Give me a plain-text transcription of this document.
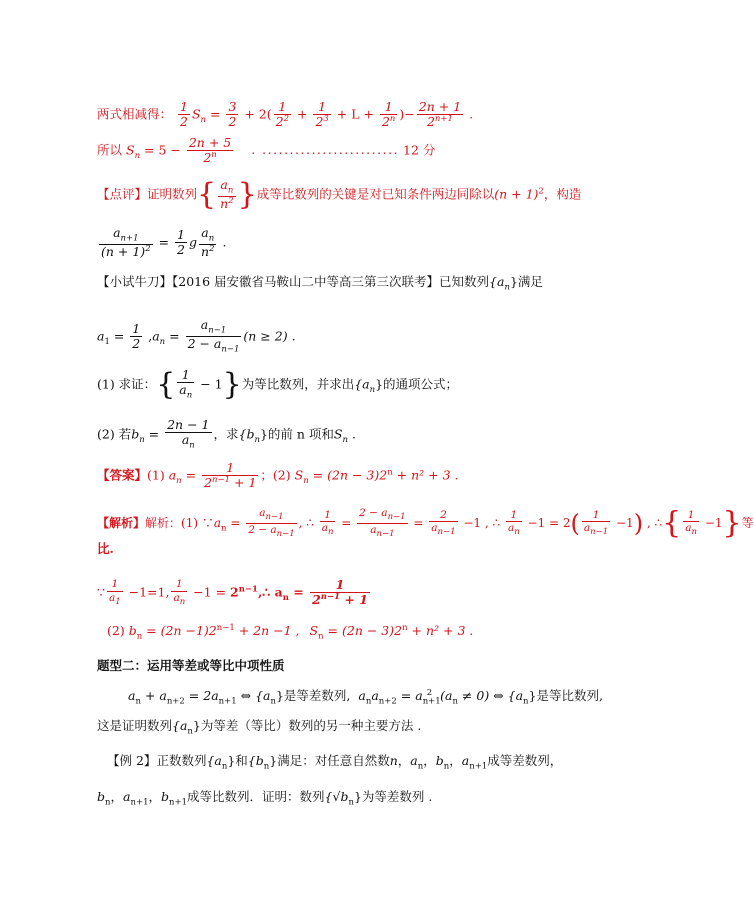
两式相减得： $\frac{1}{2} S_n = \frac{3}{2} + 2( \frac{1}{2^2} + \frac{1}{2^3} + L + \frac{1}{2^n}$ )− $\frac{2n + 1}{2^{n+1}}$ .
所以 $S_n = 5 - \frac{2n + 5}{2^n}$ . ......................... 12 分
【点评】证明数列{ $\frac{a_n}{n^2}$ }成等比数列的关键是对已知条件两边同除以$(n + 1)^2$，构造
$\frac{a_{n+1}}{(n + 1)^2} = \frac{1}{2}$ g $\frac{a_n}{n^2}$ .
【小试牛刀】【2016 届安徽省马鞍山二中等高三第三次联考】已知数列$\{a_n\}$满足
$a_1 = \frac{1}{2} ,a_n = \frac{a_{n-1}}{2 - a_{n-1}} (n \ge 2)$ .
(1) 求证：{ $\frac{1}{a_n} - 1$}为等比数列，并求出$\{a_n\}$的通项公式；
(2) 若$b_n = \frac{2n - 1}{a_n}$ ，求$\{b_n\}$的前 n 项和$S_n$ .
【答案】(1) $a_n = \frac{1}{2^{n-1} + 1}$ ；(2) $S_n = (2n - 3)2^n + n^2 + 3$ .
【解析】解析：(1) $\because a_n = \frac{a_{n-1}}{2 - a_{n-1}}$ , ∴ $\frac{1}{a_n} = \frac{2 - a_{n-1}}{a_{n-1}} = \frac{2}{a_{n-1}} -1$ , ∴ $\frac{1}{a_n} -1 = 2( \frac{1}{a_{n-1}} -1)$ , ∴{ $\frac{1}{a_n} -1$}等
比.
∵ $\frac{1}{a_1} -1=1$, $\frac{1}{a_n} -1$ = $2^{n-1},\therefore$ $a_n = \frac{1}{2^{n-1} + 1}$
(2) $b_n = (2n -1)2^{n-1} + 2n -1$ , $S_n = (2n - 3)2^n + n^2 + 3$ .
题型二：运用等差或等比中项性质
$a_n + a_{n+2} = 2a_{n+1}$ ⇔ $\{a_n\}$是等差数列, $a_na_{n+2} = a_{n+1}^2$ $(a_n \ne 0)$ ⇔ $\{a_n\}$是等比数列,
这是证明数列$\{a_n\}$为等差（等比）数列的另一种主要方法 .
【例 2】正数数列$\{a_n\}$和$\{b_n\}$满足：对任意自然数n，$a_n$，$b_n$，$a_{n+1}$成等差数列，
$b_n$，$a_{n+1}$，$b_{n+1}$成等比数列．证明：数列$\{√b_n\}$为等差数列 .
